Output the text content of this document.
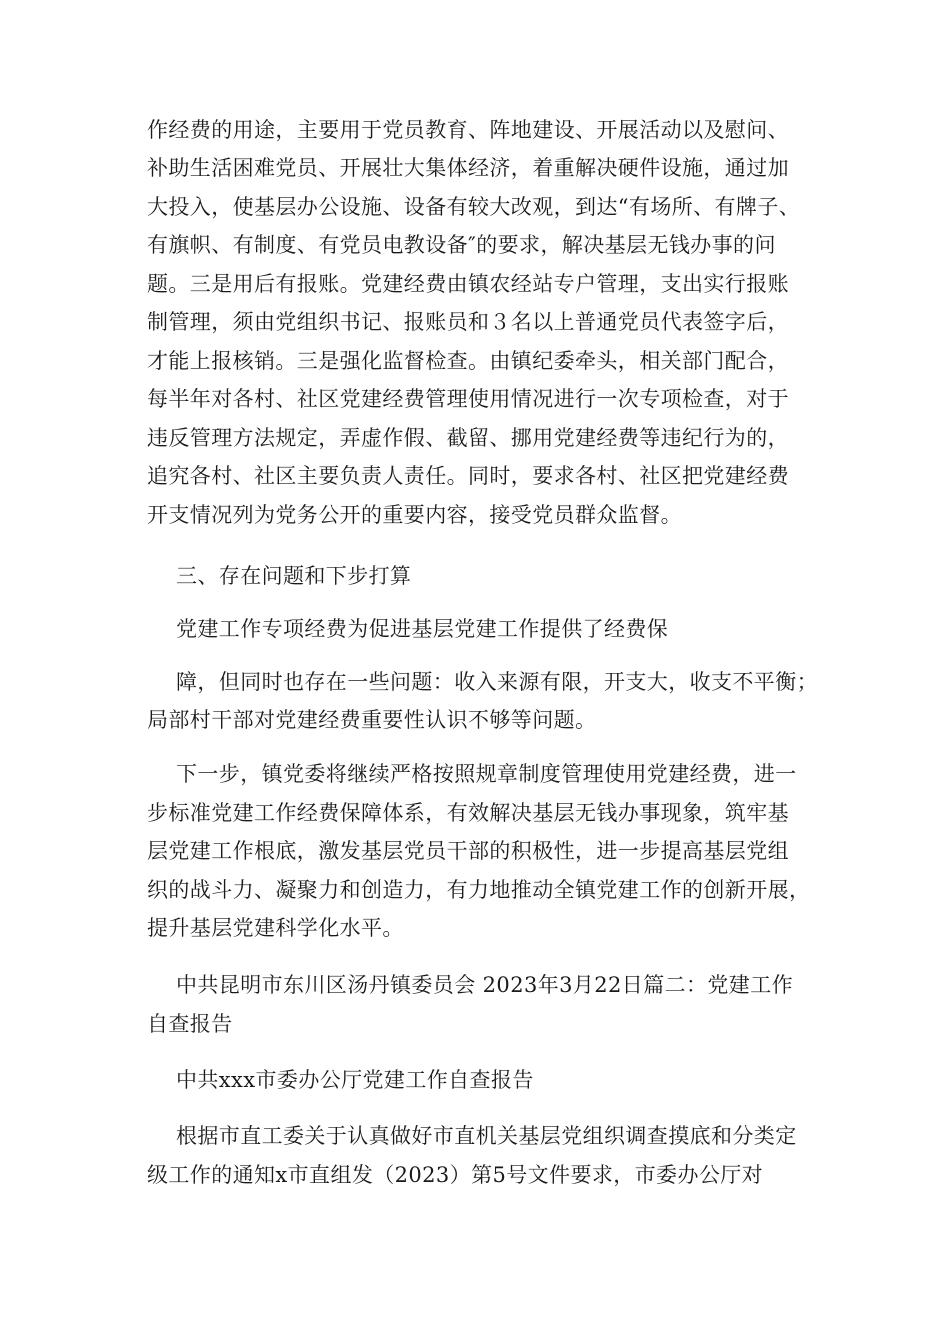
作经费的用途，主要用于党员教育、阵地建设、开展活动以及慰问、
补助生活困难党员、开展壮大集体经济，着重解决硬件设施，通过加
大投入，使基层办公设施、设备有较大改观，到达“有场所、有牌子、
有旗帜、有制度、有党员电教设备″的要求，解决基层无钱办事的问
题。三是用后有报账。党建经费由镇农经站专户管理，支出实行报账
制管理，须由党组织书记、报账员和３名以上普通党员代表签字后，
才能上报核销。三是强化监督检查。由镇纪委牵头，相关部门配合，
每半年对各村、社区党建经费管理使用情况进行一次专项检查，对于
违反管理方法规定，弄虚作假、截留、挪用党建经费等违纪行为的，
追究各村、社区主要负责人责任。同时，要求各村、社区把党建经费
开支情况列为党务公开的重要内容，接受党员群众监督。
三、存在问题和下步打算
党建工作专项经费为促进基层党建工作提供了经费保
障，但同时也存在一些问题：收入来源有限，开支大，收支不平衡；
局部村干部对党建经费重要性认识不够等问题。
下一步，镇党委将继续严格按照规章制度管理使用党建经费，进一
步标准党建工作经费保障体系，有效解决基层无钱办事现象，筑牢基
层党建工作根底，激发基层党员干部的积极性，进一步提高基层党组
织的战斗力、凝聚力和创造力，有力地推动全镇党建工作的创新开展，
提升基层党建科学化水平。
中共昆明市东川区汤丹镇委员会 2023年3月22日篇二：党建工作
自查报告
中共xxx市委办公厅党建工作自查报告
根据市直工委关于认真做好市直机关基层党组织调查摸底和分类定
级工作的通知x市直组发（2023）第5号文件要求，市委办公厅对
